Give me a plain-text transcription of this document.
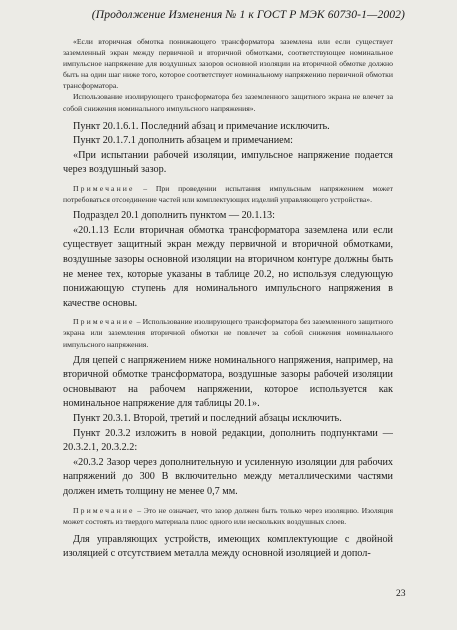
(Продолжение Изменения № 1 к ГОСТ Р МЭК 60730-1—2002)

«Если вторичная обмотка понижающего трансформатора заземлена или если существует заземленный экран между первичной и вторичной обмотками, соответствующее номинальное импульсное напряжение для воздушных зазоров основной изоляции на вторичной обмотке должно быть на один шаг ниже того, которое соответствует номинальному напряжению первичной обмотки трансформатора.

Использование изолирующего трансформатора без заземленного защитного экрана не влечет за собой снижения номинального импульсного напряжения».

Пункт 20.1.6.1. Последний абзац и примечание исключить.

Пункт 20.1.7.1 дополнить абзацем и примечанием:

«При испытании рабочей изоляции, импульсное напряжение подается через воздушный зазор.

Примечание – При проведении испытания импульсным напряжением может потребоваться отсоединение частей или комплектующих изделий управляющего устройства».

Подраздел 20.1 дополнить пунктом — 20.1.13:

«20.1.13 Если вторичная обмотка трансформатора заземлена или если существует защитный экран между первичной и вторичной обмотками, воздушные зазоры основной изоляции на вторичном контуре должны быть не менее тех, которые указаны в таблице 20.2, но используя следующую понижающую ступень для номинального импульсного напряжения в качестве основы.

Примечание – Использование изолирующего трансформатора без заземленного защитного экрана или заземления вторичной обмотки не повлечет за собой снижения номинального импульсного напряжения.

Для цепей с напряжением ниже номинального напряжения, например, на вторичной обмотке трансформатора, воздушные зазоры рабочей изоляции основывают на рабочем напряжении, которое используется как номинальное напряжение для таблицы 20.1».

Пункт 20.3.1. Второй, третий и последний абзацы исключить.

Пункт 20.3.2 изложить в новой редакции, дополнить подпунктами — 20.3.2.1, 20.3.2.2:

«20.3.2 Зазор через дополнительную и усиленную изоляции для рабочих напряжений до 300 В включительно между металлическими частями должен иметь толщину не менее 0,7 мм.

Примечание – Это не означает, что зазор должен быть только через изоляцию. Изоляция может состоять из твердого материала плюс одного или нескольких воздушных слоев.

Для управляющих устройств, имеющих комплектующие с двойной изоляцией с отсутствием металла между основной изоляцией и допол-

23
